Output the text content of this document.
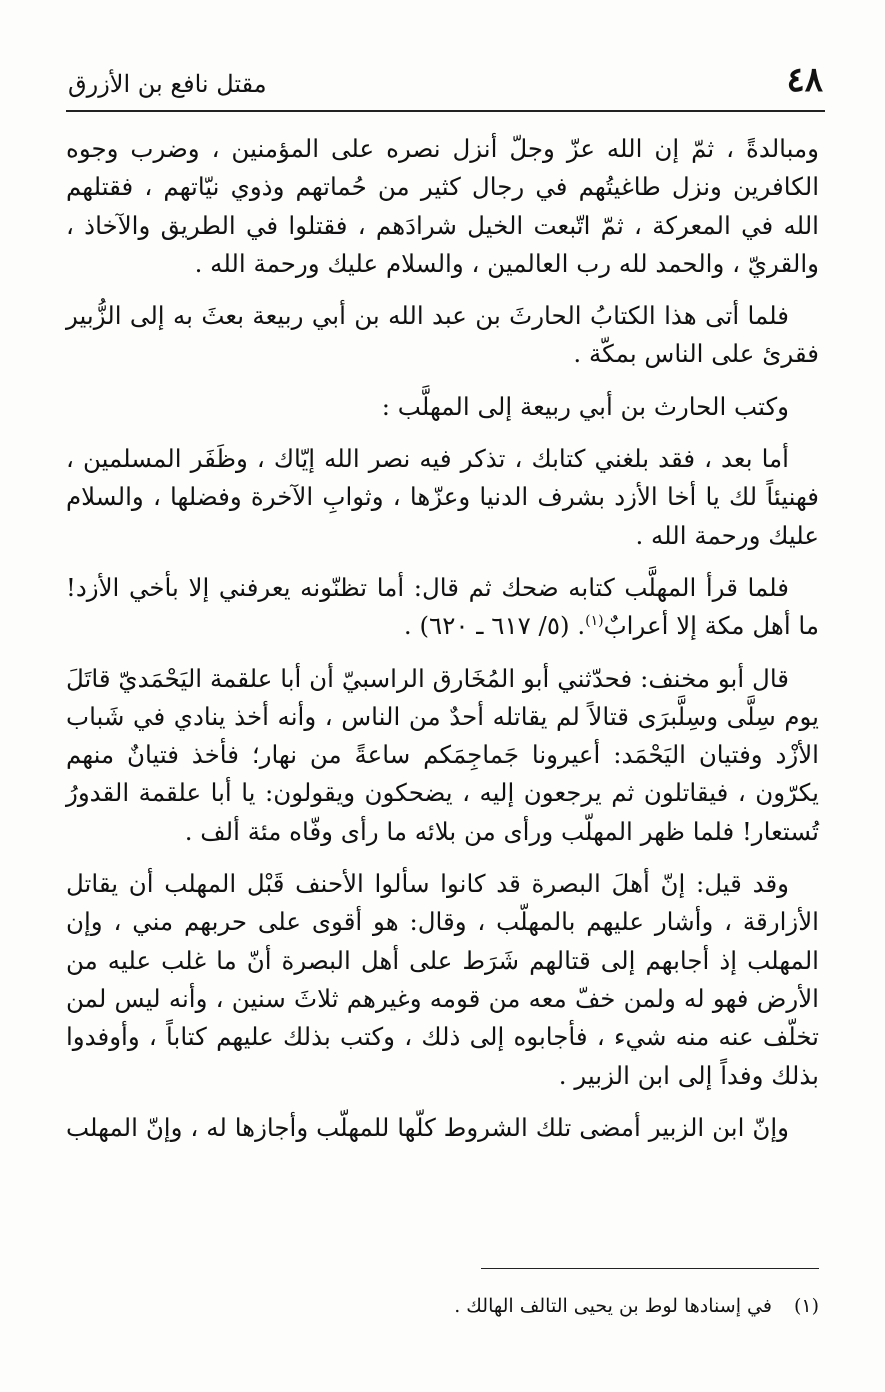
٤٨
مقتل نافع بن الأزرق

ومبالدةً ، ثمّ إن الله عزّ وجلّ أنزل نصره على المؤمنين ، وضرب وجوه الكافرين ونزل طاغيتُهم في رجال كثير من حُماتهم وذوي نيّاتهم ، فقتلهم الله في المعركة ، ثمّ اتّبعت الخيل شرادَهم ، فقتلوا في الطريق والآخاذ ، والقريّ ، والحمد لله رب العالمين ، والسلام عليك ورحمة الله .

فلما أتى هذا الكتابُ الحارثَ بن عبد الله بن أبي ربيعة بعثَ به إلى الزُّبير فقرئ على الناس بمكّة .

وكتب الحارث بن أبي ربيعة إلى المهلَّب :

أما بعد ، فقد بلغني كتابك ، تذكر فيه نصر الله إيّاك ، وظَفَر المسلمين ، فهنيئاً لك يا أخا الأزد بشرف الدنيا وعزّها ، وثوابِ الآخرة وفضلها ، والسلام عليك ورحمة الله .

فلما قرأ المهلَّب كتابه ضحك ثم قال: أما تظنّونه يعرفني إلا بأخي الأزد! ما أهل مكة إلا أعرابٌ$^{(١)}$. (٥/ ٦١٧ ـ ٦٢٠) .

قال أبو مخنف: فحدّثني أبو المُخَارق الراسبيّ أن أبا علقمة اليَحْمَديّ قاتَلَ يوم سِلَّى وسِلَّبرَى قتالاً لم يقاتله أحدٌ من الناس ، وأنه أخذ ينادي في شَباب الأزْد وفتيان اليَحْمَد: أعيرونا جَماجِمَكم ساعةً من نهار؛ فأخذ فتيانٌ منهم يكرّون ، فيقاتلون ثم يرجعون إليه ، يضحكون ويقولون: يا أبا علقمة القدورُ تُستعار! فلما ظهر المهلّب ورأى من بلائه ما رأى وفّاه مئة ألف .

وقد قيل: إنّ أهلَ البصرة قد كانوا سألوا الأحنف قَبْل المهلب أن يقاتل الأزارقة ، وأشار عليهم بالمهلّب ، وقال: هو أقوى على حربهم مني ، وإن المهلب إذ أجابهم إلى قتالهم شَرَط على أهل البصرة أنّ ما غلب عليه من الأرض فهو له ولمن خفّ معه من قومه وغيرهم ثلاثَ سنين ، وأنه ليس لمن تخلّف عنه منه شيء ، فأجابوه إلى ذلك ، وكتب بذلك عليهم كتاباً ، وأوفدوا بذلك وفداً إلى ابن الزبير .

وإنّ ابن الزبير أمضى تلك الشروط كلّها للمهلّب وأجازها له ، وإنّ المهلب

(١)في إسنادها لوط بن يحيى التالف الهالك .
